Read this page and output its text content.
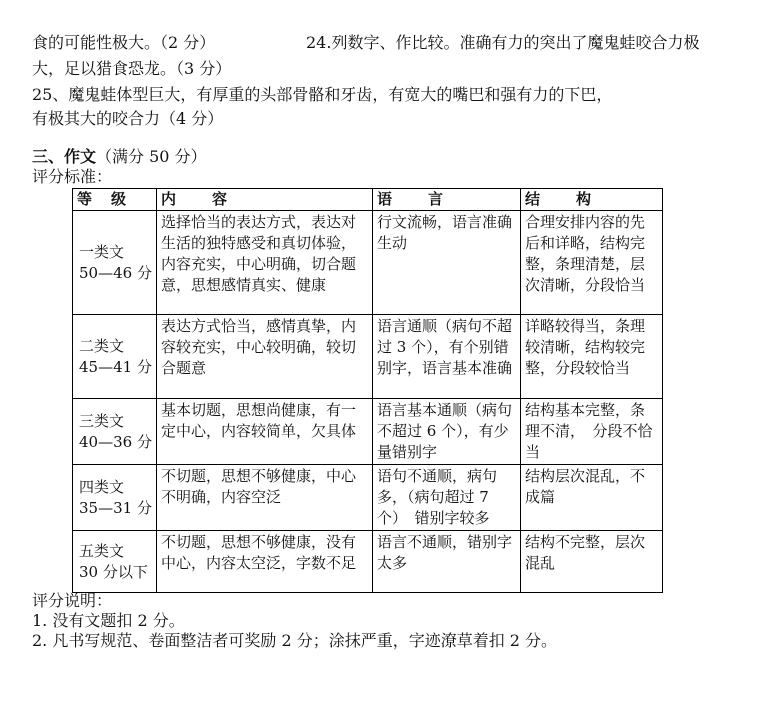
食的可能性极大。（2 分）	24.列数字、作比较。准确有力的突出了魔鬼蛙咬合力极
大，足以猎食恐龙。（3 分）
25、魔鬼蛙体型巨大，有厚重的头部骨骼和牙齿，有宽大的嘴巴和强有力的下巴，
有极其大的咬合力（4 分）
三、作文（满分 50 分）
评分标准：
等　级	内　　容	语　　言	结　　构

一类文
50—46 分	选择恰当的表达方式，表达对生活的独特感受和真切体验，内容充实，中心明确，切合题意，思想感情真实、健康	行文流畅，语言准确生动	合理安排内容的先后和详略，结构完整，条理清楚，层次清晰，分段恰当

二类文
45—41 分	表达方式恰当，感情真挚，内容较充实，中心较明确，较切合题意	语言通顺（病句不超过 3 个），有个别错别字，语言基本准确	详略较得当，条理较清晰，结构较完整，分段较恰当

三类文
40—36 分	基本切题，思想尚健康，有一定中心，内容较简单，欠具体	语言基本通顺（病句不超过 6 个），有少量错别字	结构基本完整，条理不清，　分段不恰当

四类文
35—31 分	不切题，思想不够健康，中心不明确，内容空泛	语句不通顺，病句多，（病句超过 7 个）　错别字较多	结构层次混乱，不成篇

五类文
30 分以下	不切题，思想不够健康，没有中心，内容太空泛，字数不足	语言不通顺，错别字太多	结构不完整，层次混乱
评分说明：
1. 没有文题扣 2 分。
2. 凡书写规范、卷面整洁者可奖励 2 分；涂抹严重，字迹潦草着扣 2 分。
